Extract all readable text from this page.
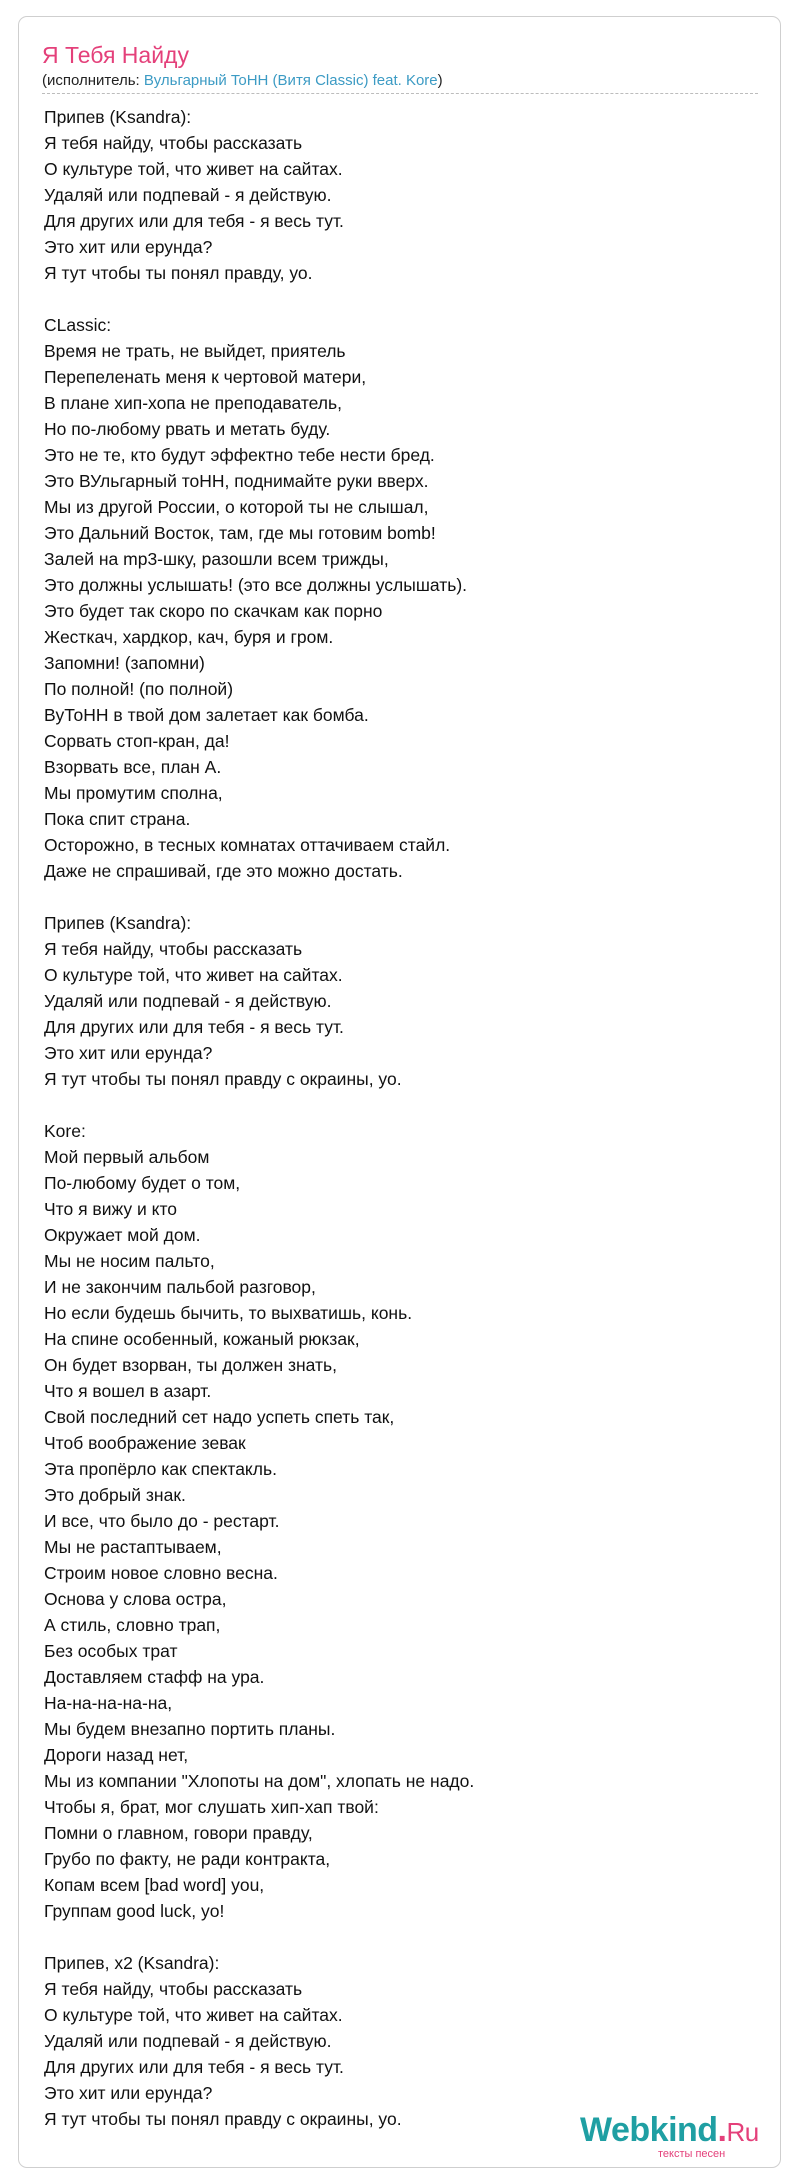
Я Тебя Найду
(исполнитель: Вульгарный ToНН (Витя Classic) feat. Kore)
Припев (Ksandra):
Я тебя найду, чтобы рассказать
О культуре той, что живет на сайтах.
Удаляй или подпевай - я действую.
Для других или для тебя - я весь тут.
Это хит или ерунда?
Я тут чтобы ты понял правду, уо.
CLassic:
Время не трать, не выйдет, приятель
Перепеленать меня к чертовой матери,
В плане хип-хопа не преподаватель,
Но по-любому рвать и метать буду.
Это не те, кто будут эффектно тебе нести бред.
Это ВУльгарный тоНН, поднимайте руки вверх.
Мы из другой России, о которой ты не слышал,
Это Дальний Восток, там, где мы готовим bomb!
Залей на mp3-шку, разошли всем трижды,
Это должны услышать! (это все должны услышать).
Это будет так скоро по скачкам как порно
Жесткач, хардкор, кач, буря и гром.
Запомни! (запомни)
По полной! (по полной)
ВуТоНН в твой дом залетает как бомба.
Сорвать стоп-кран, да!
Взорвать все, план А.
Мы промутим сполна,
Пока спит страна.
Осторожно, в тесных комнатах оттачиваем стайл.
Даже не спрашивай, где это можно достать.
Припев (Ksandra):
Я тебя найду, чтобы рассказать
О культуре той, что живет на сайтах.
Удаляй или подпевай - я действую.
Для других или для тебя - я весь тут.
Это хит или ерунда?
Я тут чтобы ты понял правду с окраины, уо.
Kore:
Мой первый альбом
По-любому будет о том,
Что я вижу и кто
Окружает мой дом.
Мы не носим пальто,
И не закончим пальбой разговор,
Но если будешь бычить, то выхватишь, конь.
На спине особенный, кожаный рюкзак,
Он будет взорван, ты должен знать,
Что я вошел в азарт.
Свой последний сет надо успеть спеть так,
Чтоб воображение зевак
Эта пропёрло как спектакль.
Это добрый знак.
И все, что было до - рестарт.
Мы не растаптываем,
Строим новое словно весна.
Основа у слова остра,
А стиль, словно трап,
Без особых трат
Доставляем стафф на ура.
На-на-на-на-на,
Мы будем внезапно портить планы.
Дороги назад нет,
Мы из компании "Хлопоты на дом", хлопать не надо.
Чтобы я, брат, мог слушать хип-хап твой:
Помни о главном, говори правду,
Грубо по факту, не ради контракта,
Копам всем [bad word] you,
Группам good luck, yo!
Припев, x2 (Ksandra):
Я тебя найду, чтобы рассказать
О культуре той, что живет на сайтах.
Удаляй или подпевай - я действую.
Для других или для тебя - я весь тут.
Это хит или ерунда?
Я тут чтобы ты понял правду с окраины, уо.	Webkind.Ru
тексты песен
